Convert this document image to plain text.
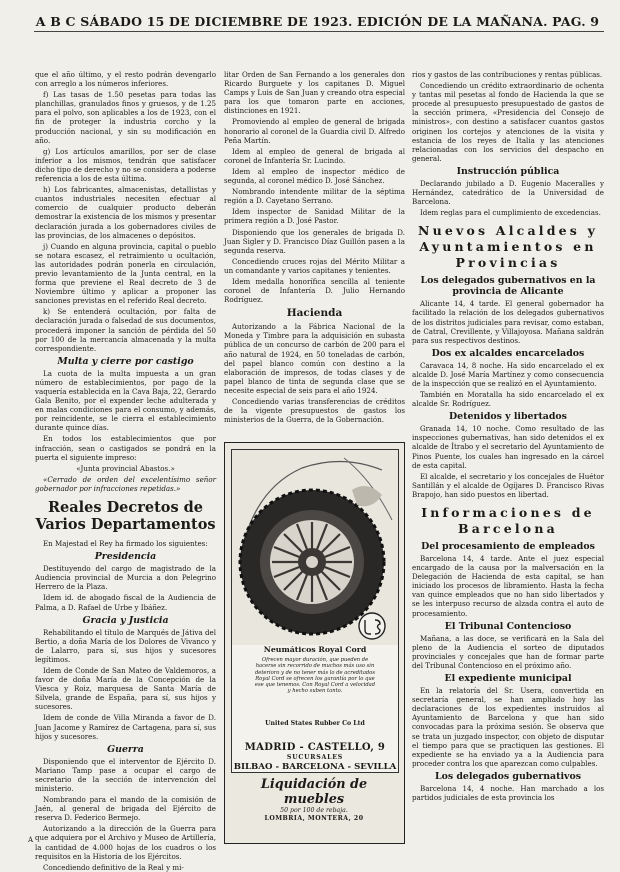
A B C SÁBADO 15 DE DICIEMBRE DE 1923. EDICIÓN DE LA MAÑANA. PAG. 9

que el año último, y el resto podrán devengarlo con arreglo a los números inferiores.

f) Las tasas de 1.50 pesetas para todas las planchillas, granulados finos y gruesos, y de 1.25 para el polvo, son aplicables a los de 1923, con el fin de proteger la industria corcho y la producción nacional, y sin su modificación en año.

g) Los artículos amarillos, por ser de clase inferior a los mismos, tendrán que satisfacer dicho tipo de derecho y no se considera a poderse referencia a los de esta última.

h) Los fabricantes, almacenistas, detallistas y cuantos industriales necesiten efectuar al comercio de cualquier producto deberán demostrar la existencia de los mismos y presentar declaración jurada a los gobernadores civiles de las provincias, de los almacenes o depósitos.

j) Cuando en alguna provincia, capital o pueblo se notara escasez, el retraimiento u ocultación, las autoridades podrán ponerla en circulación, previo levantamiento de la Junta central, en la forma que previene el Real decreto de 3 de Noviembre último y aplicar a proponer las sanciones previstas en el referido Real decreto.

k) Se entenderá ocultación, por falta de declaración jurada o falsedad de sus documentos, procederá imponer la sanción de pérdida del 50 por 100 de la mercancía almacenada y la multa correspondiente.

Multa y cierre por castigo

La cuota de la multa impuesta a un gran número de establecimientos, por pago de la vaquería establecida en la Cava Baja, 22, Gerardo Gala Benito, por el expender leche adulterada y en malas condiciones para el consumo, y además, por reincidente, se le cierra el establecimiento durante quince días.

En todos los establecimientos que por infracción, sean o castigados se pondrá en la puerta el siguiente impreso:

«Junta provincial Abastos.»

«Cerrado de orden del excelentísimo señor gobernador por infracciones repetidas.»

Reales Decretos de Varios Departamentos

En Majestad el Rey ha firmado los siguientes:

Presidencia

Destituyendo del cargo de magistrado de la Audiencia provincial de Murcia a don Pelegrino Herrero de la Plaza.

Idem id. de abogado fiscal de la Audiencia de Palma, a D. Rafael de Urbe y Ibáñez.

Gracia y Justicia

Rehabilitando el título de Marqués de Játiva del Bertio, a doña María de los Dolores de Vivanco y de Lalarro, para sí, sus hijos y sucesores legítimos.

Idem de Conde de San Mateo de Valdemoros, a favor de doña María de la Concepción de la Viesca y Roiz, marquesa de Santa María de Silvela, grande de España, para sí, sus hijos y sucesores.

Idem de conde de Villa Miranda a favor de D. Juan Jacome y Ramírez de Cartagena, para sí, sus hijos y sucesores.

Guerra

Disponiendo que el interventor de Ejército D. Mariano Tamp pase a ocupar el cargo de secretario de la sección de intervención del ministerio.

Nombrando para el mando de la comisión de Jaén, al general de brigada del Ejército de reserva D. Federico Bermejo.

Autorizando a la dirección de la Guerra para que adquiera por el Archivo y Museo de Artillería, la cantidad de 4.000 hojas de los cuadros o los requisitos en la Historia de los Ejércitos.

Concediendo definitivo de la Real y mi-

litar Orden de San Fernando a los generales don Ricardo Burguete y los capitanes D. Miguel Camps y Luis de San Juan y creando otra especial para los que tomaron parte en acciones, distinciones en 1921.

Promoviendo al empleo de general de brigada honorario al coronel de la Guardia civil D. Alfredo Peña Martín.

Idem al empleo de general de brigada al coronel de Infantería Sr. Lucindo.

Idem al empleo de inspector médico de segunda, al coronel médico D. José Sánchez.

Nombrando intendente militar de la séptima región a D. Cayetano Serrano.

Idem inspector de Sanidad Militar de la primera región a D. José Pastor.

Disponiendo que los generales de brigada D. Juan Sigler y D. Francisco Díaz Guillón pasen a la segunda reserva.

Concediendo cruces rojas del Mérito Militar a un comandante y varios capitanes y tenientes.

Idem medalla honorífica sencilla al teniente coronel de Infantería D. Julio Hernando Rodríguez.

Hacienda

Autorizando a la Fábrica Nacional de la Moneda y Timbre para la adquisición en subasta pública de un concurso de carbón de 200 para el año natural de 1924, en 50 toneladas de carbón, del papel blanco común con destino a la elaboración de impresos, de todas clases y de papel blanco de tinta de segunda clase que se necesite especial de seis para el año 1924.

Concediendo varias transferencias de créditos de la vigente presupuestos de gastos los ministerios de la Guerra, de la Gobernación.

Neumáticos Royal Cord
Ofrecen mayor duración, que pueden de hacerse sin recorrido de muchos más uso sin deterioro y de no tener más lo de acreditados Royal Cord se ofrecen los garantía por lo que ese que tenemos. Con Royal Cord a velocidad y hecho suben tanto.
United States Rubber Co Ltd
MADRID - CASTELLO, 9
SUCURSALES
BILBAO - BARCELONA - SEVILLA
Liquidación de muebles
50 por 100 de rebaja.
LOMBRIA, MONTERA, 20

rios y gastos de las contribuciones y rentas públicas.

Concediendo un crédito extraordinario de ochenta y tantas mil pesetas al fondo de Hacienda la que se procede al presupuesto presupuestado de gastos de la sección primera, «Presidencia del Consejo de ministros», con destino a satisfacer cuantos gastos originen los cortejos y atenciones de la visita y estancia de los reyes de Italia y las atenciones relacionadas con los servicios del despacho en general.

Instrucción pública

Declarando jubilado a D. Eugenio Maceralles y Hernández, catedrático de la Universidad de Barcelona.

Idem reglas para el cumplimiento de excedencias.

Nuevos Alcaldes y Ayuntamientos en Provincias
Los delegados gubernativos en la provincia de Alicante

Alicante 14, 4 tarde. El general gobernador ha facilitado la relación de los delegados gubernativos de los distritos judiciales para revisar, como estaban, de Catral, Crevillente, y Villajoyosa. Mañana saldrán para sus respectivos destinos.

Dos ex alcaldes encarcelados

Caravaca 14, 8 noche. Ha sido encarcelado el ex alcalde D. José María Martínez y como consecuencia de la inspección que se realizó en el Ayuntamiento.

También en Moratalla ha sido encarcelado el ex alcalde Sr. Rodríguez.

Detenidos y libertados

Granada 14, 10 noche. Como resultado de las inspecciones gubernativas, han sido detenidos el ex alcalde de Ítrabo y el secretario del Ayuntamiento de Pinos Puente, los cuales han ingresado en la cárcel de esta capital.

El alcalde, el secretario y los concejales de Huétor Santillán y el alcalde de Ogíjares D. Francisco Rivas Brapojo, han sido puestos en libertad.

Informaciones de Barcelona
Del procesamiento de empleados

Barcelona 14, 4 tarde. Ante el juez especial encargado de la causa por la malversación en la Delegación de Hacienda de esta capital, se han iniciado los procesos de libramiento. Hasta la fecha van quince empleados que no han sido libertados y se les interpuso recurso de alzada contra el auto de procesamiento.

El Tribunal Contencioso

Mañana, a las doce, se verificará en la Sala del pleno de la Audiencia el sorteo de diputados provinciales y concejales que han de formar parte del Tribunal Contencioso en el próximo año.

El expediente municipal

En la relatoría del Sr. Usera, convertida en secretaría general, se han ampliado hoy las declaraciones de los expedientes instruidos al Ayuntamiento de Barcelona y que han sido convocadas para la próxima sesión. Se observa que se trata un juzgado inspector, con objeto de disputar el tiempo para que se practiquen las gestiones. El expediente se ha enviado ya a la Audiencia para proceder contra los que aparezcan como culpables.

Los delegados gubernativos

Barcelona 14, 4 noche. Han marchado a los partidos judiciales de esta provincia los

A
